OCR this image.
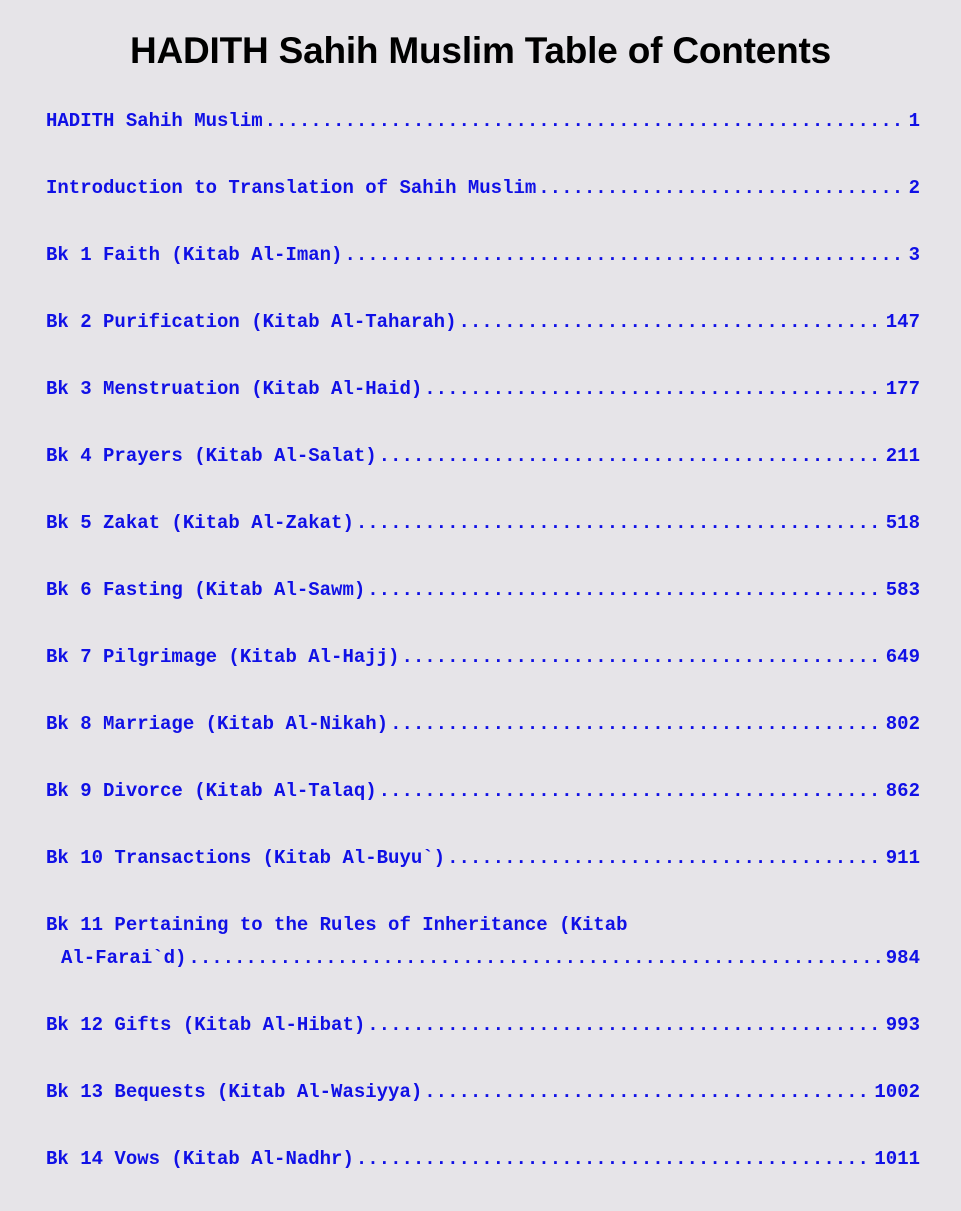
HADITH Sahih Muslim Table of Contents
HADITH Sahih Muslim .....	1
Introduction to Translation of Sahih Muslim .....	2
Bk 1 Faith (Kitab Al-Iman) .....	3
Bk 2 Purification (Kitab Al-Taharah) .....	147
Bk 3 Menstruation (Kitab Al-Haid) .....	177
Bk 4 Prayers (Kitab Al-Salat) .....	211
Bk 5 Zakat (Kitab Al-Zakat) .....	518
Bk 6 Fasting (Kitab Al-Sawm) .....	583
Bk 7 Pilgrimage (Kitab Al-Hajj) .....	649
Bk 8 Marriage (Kitab Al-Nikah) .....	802
Bk 9 Divorce (Kitab Al-Talaq) .....	862
Bk 10 Transactions (Kitab Al-Buyu`) .....	911
Bk 11 Pertaining to the Rules of Inheritance (Kitab
Al-Farai`d) .....	984
Bk 12 Gifts (Kitab Al-Hibat) .....	993
Bk 13 Bequests (Kitab Al-Wasiyya) .....	1002
Bk 14 Vows (Kitab Al-Nadhr) .....	1011
